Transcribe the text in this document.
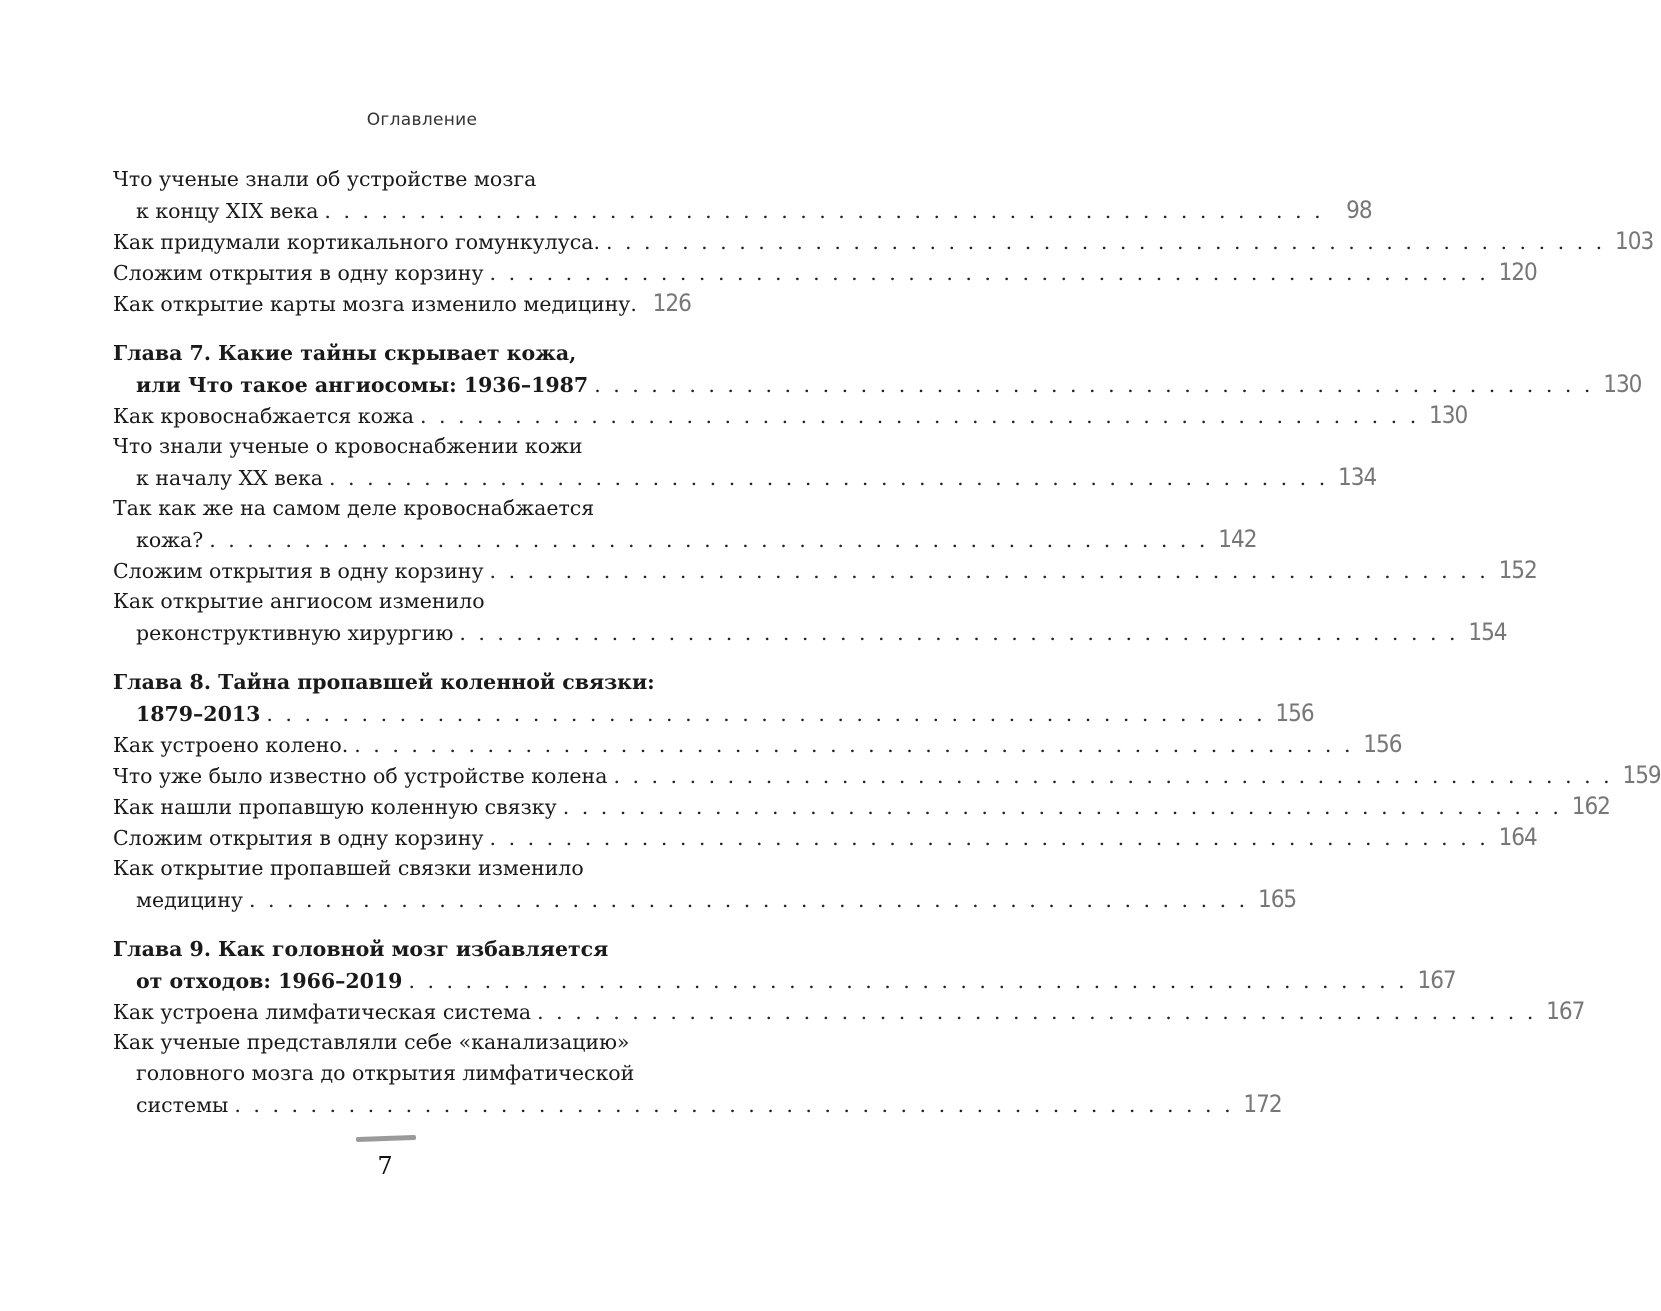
Оглавление
Что ученые знали об устройстве мозга
к концу XIX века . . . . . . . . . . . . . . . . . . . . . . . . . . . . . . . . . . . . . . . . . . . . . . . . . . . . . 98
Как придумали кортикального гомункулуса. . . . . . . . . . . . . . . . . . . . . . . . . . . . . . . . . . . . . . . . . . . . . . . . . . . . . . 103
Сложим открытия в одну корзину . . . . . . . . . . . . . . . . . . . . . . . . . . . . . . . . . . . . . . . . . . . . . . . . . . . . . 120
Как открытие карты мозга изменило медицину. 126
Глава 7. Какие тайны скрывает кожа,
или Что такое ангиосомы: 1936–1987 . . . . . . . . . . . . . . . . . . . . . . . . . . . . . . . . . . . . . . . . . . . . . . . . . . . . . 130
Как кровоснабжается кожа . . . . . . . . . . . . . . . . . . . . . . . . . . . . . . . . . . . . . . . . . . . . . . . . . . . . . 130
Что знали ученые о кровоснабжении кожи
к началу XX века . . . . . . . . . . . . . . . . . . . . . . . . . . . . . . . . . . . . . . . . . . . . . . . . . . . . . 134
Так как же на самом деле кровоснабжается
кожа? . . . . . . . . . . . . . . . . . . . . . . . . . . . . . . . . . . . . . . . . . . . . . . . . . . . . . 142
Сложим открытия в одну корзину . . . . . . . . . . . . . . . . . . . . . . . . . . . . . . . . . . . . . . . . . . . . . . . . . . . . . 152
Как открытие ангиосом изменило
реконструктивную хирургию . . . . . . . . . . . . . . . . . . . . . . . . . . . . . . . . . . . . . . . . . . . . . . . . . . . . . 154
Глава 8. Тайна пропавшей коленной связки:
1879–2013 . . . . . . . . . . . . . . . . . . . . . . . . . . . . . . . . . . . . . . . . . . . . . . . . . . . . . 156
Как устроено колено. . . . . . . . . . . . . . . . . . . . . . . . . . . . . . . . . . . . . . . . . . . . . . . . . . . . . . 156
Что уже было известно об устройстве колена . . . . . . . . . . . . . . . . . . . . . . . . . . . . . . . . . . . . . . . . . . . . . . . . . . . . . 159
Как нашли пропавшую коленную связку . . . . . . . . . . . . . . . . . . . . . . . . . . . . . . . . . . . . . . . . . . . . . . . . . . . . . 162
Сложим открытия в одну корзину . . . . . . . . . . . . . . . . . . . . . . . . . . . . . . . . . . . . . . . . . . . . . . . . . . . . . 164
Как открытие пропавшей связки изменило
медицину . . . . . . . . . . . . . . . . . . . . . . . . . . . . . . . . . . . . . . . . . . . . . . . . . . . . . 165
Глава 9. Как головной мозг избавляется
от отходов: 1966–2019 . . . . . . . . . . . . . . . . . . . . . . . . . . . . . . . . . . . . . . . . . . . . . . . . . . . . . 167
Как устроена лимфатическая система . . . . . . . . . . . . . . . . . . . . . . . . . . . . . . . . . . . . . . . . . . . . . . . . . . . . . 167
Как ученые представляли себе «канализацию»
головного мозга до открытия лимфатической
системы . . . . . . . . . . . . . . . . . . . . . . . . . . . . . . . . . . . . . . . . . . . . . . . . . . . . . 172
7
